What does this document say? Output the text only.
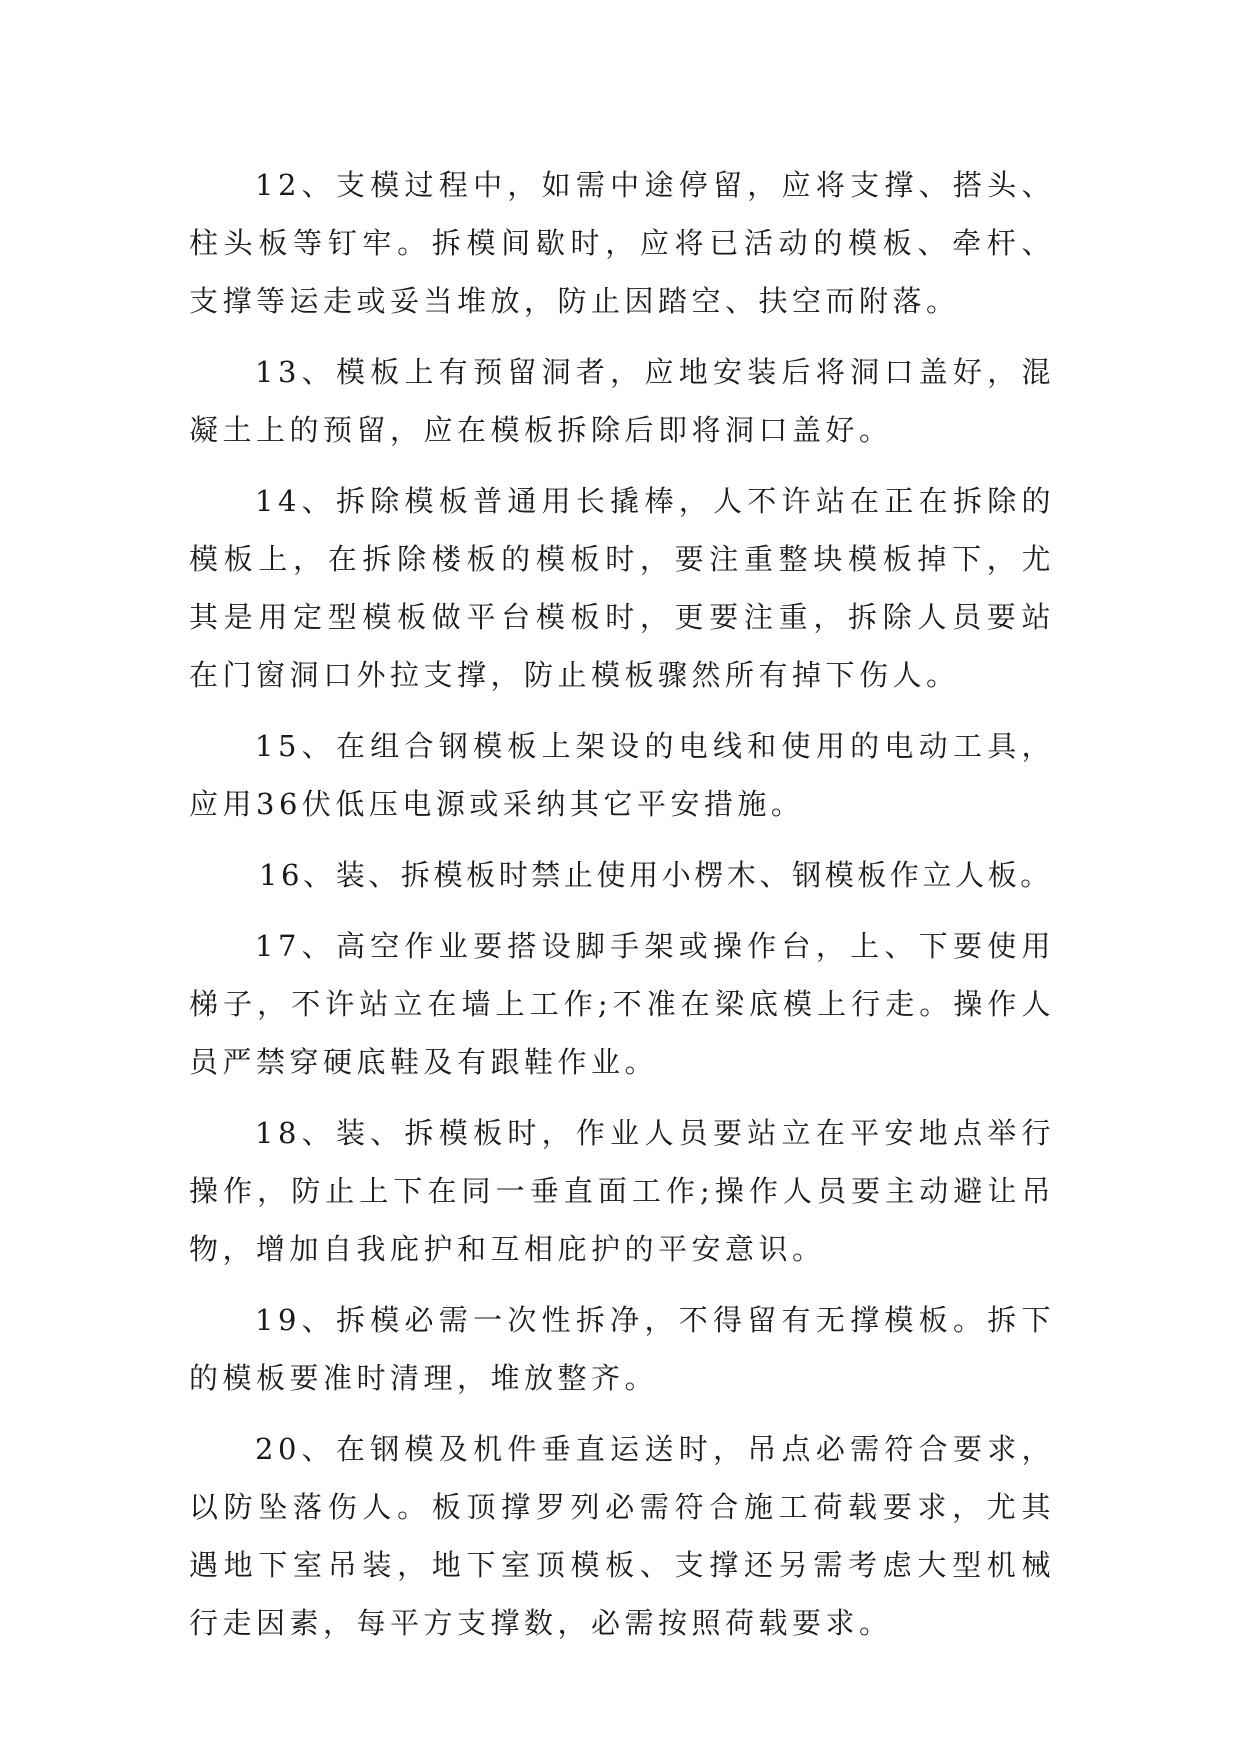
12、支模过程中，如需中途停留，应将支撑、搭头、柱头板等钉牢。拆模间歇时，应将已活动的模板、牵杆、支撑等运走或妥当堆放，防止因踏空、扶空而附落。

13、模板上有预留洞者，应地安装后将洞口盖好，混凝土上的预留，应在模板拆除后即将洞口盖好。

14、拆除模板普通用长撬棒，人不许站在正在拆除的模板上，在拆除楼板的模板时，要注重整块模板掉下，尤其是用定型模板做平台模板时，更要注重，拆除人员要站在门窗洞口外拉支撑，防止模板骤然所有掉下伤人。

15、在组合钢模板上架设的电线和使用的电动工具，应用36伏低压电源或采纳其它平安措施。

16、装、拆模板时禁止使用小楞木、钢模板作立人板。

17、高空作业要搭设脚手架或操作台，上、下要使用梯子，不许站立在墙上工作;不准在梁底模上行走。操作人员严禁穿硬底鞋及有跟鞋作业。

18、装、拆模板时，作业人员要站立在平安地点举行操作，防止上下在同一垂直面工作;操作人员要主动避让吊物，增加自我庇护和互相庇护的平安意识。

19、拆模必需一次性拆净，不得留有无撑模板。拆下的模板要准时清理，堆放整齐。

20、在钢模及机件垂直运送时，吊点必需符合要求，以防坠落伤人。板顶撑罗列必需符合施工荷载要求，尤其遇地下室吊装，地下室顶模板、支撑还另需考虑大型机械行走因素，每平方支撑数，必需按照荷载要求。
